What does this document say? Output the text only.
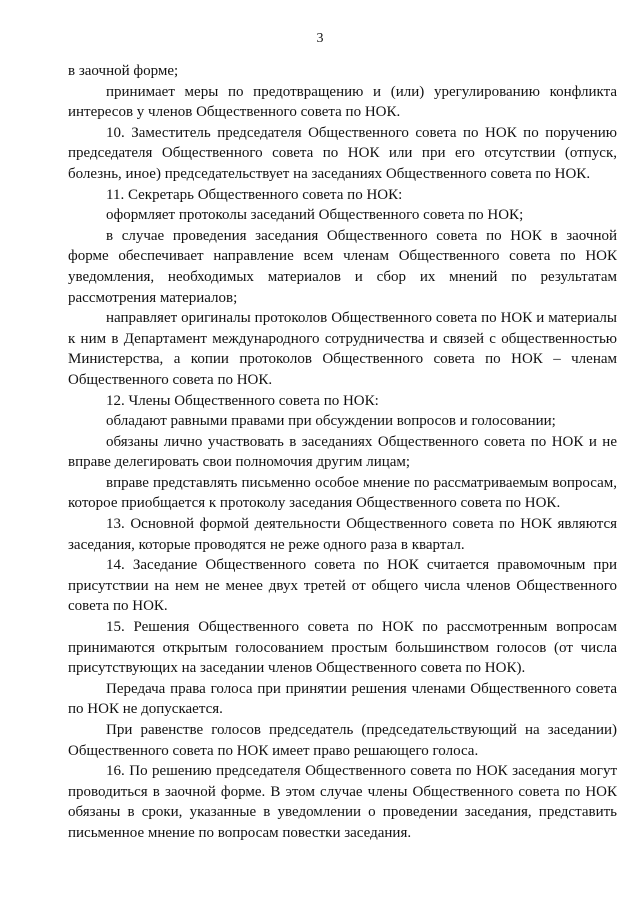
3

в заочной форме;

принимает меры по предотвращению и (или) урегулированию конфликта интересов у членов Общественного совета по НОК.

10. Заместитель председателя Общественного совета по НОК по поручению председателя Общественного совета по НОК или при его отсутствии (отпуск, болезнь, иное) председательствует на заседаниях Общественного совета по НОК.

11. Секретарь Общественного совета по НОК:

оформляет протоколы заседаний Общественного совета по НОК;

в случае проведения заседания Общественного совета по НОК в заочной форме обеспечивает направление всем членам Общественного совета по НОК уведомления, необходимых материалов и сбор их мнений по результатам рассмотрения материалов;

направляет оригиналы протоколов Общественного совета по НОК и материалы к ним в Департамент международного сотрудничества и связей с общественностью Министерства, а копии протоколов Общественного совета по НОК – членам Общественного совета по НОК.

12. Члены Общественного совета по НОК:

обладают равными правами при обсуждении вопросов и голосовании;

обязаны лично участвовать в заседаниях Общественного совета по НОК и не вправе делегировать свои полномочия другим лицам;

вправе представлять письменно особое мнение по рассматриваемым вопросам, которое приобщается к протоколу заседания Общественного совета по НОК.

13. Основной формой деятельности Общественного совета по НОК являются заседания, которые проводятся не реже одного раза в квартал.

14. Заседание Общественного совета по НОК считается правомочным при присутствии на нем не менее двух третей от общего числа членов Общественного совета по НОК.

15. Решения Общественного совета по НОК по рассмотренным вопросам принимаются открытым голосованием простым большинством голосов (от числа присутствующих на заседании членов Общественного совета по НОК).

Передача права голоса при принятии решения членами Общественного совета по НОК не допускается.

При равенстве голосов председатель (председательствующий на заседании) Общественного совета по НОК имеет право решающего голоса.

16. По решению председателя Общественного совета по НОК заседания могут проводиться в заочной форме. В этом случае члены Общественного совета по НОК обязаны в сроки, указанные в уведомлении о проведении заседания, представить письменное мнение по вопросам повестки заседания.
